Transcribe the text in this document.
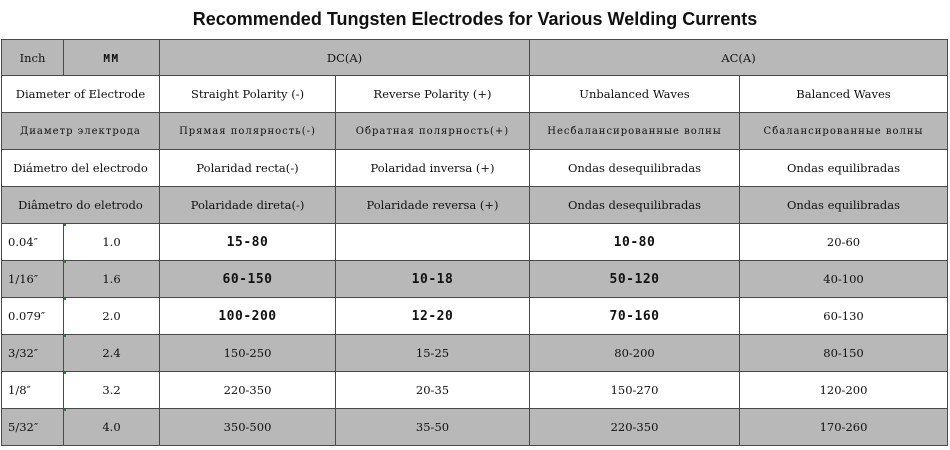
Recommended Tungsten Electrodes for Various Welding Currents
Inch	MM	DC(A)		AC(A)	
Diameter of Electrode		Straight Polarity (-)	Reverse Polarity (+)	Unbalanced Waves	Balanced Waves
Диаметр электрода		Прямая полярность(-)	Обратная полярность(+)	Несбалансированные волны	Сбалансированные волны
Diámetro del electrodo		Polaridad recta(-)	Polaridad inversa (+)	Ondas desequilibradas	Ondas equilibradas
Diâmetro do eletrodo		Polaridade direta(-)	Polaridade reversa (+)	Ondas desequilibradas	Ondas equilibradas
0.04″	1.0	15-80		10-80	20-60
1/16″	1.6	60-150	10-18	50-120	40-100
0.079″	2.0	100-200	12-20	70-160	60-130
3/32″	2.4	150-250	15-25	80-200	80-150
1/8″	3.2	220-350	20-35	150-270	120-200
5/32″	4.0	350-500	35-50	220-350	170-260
